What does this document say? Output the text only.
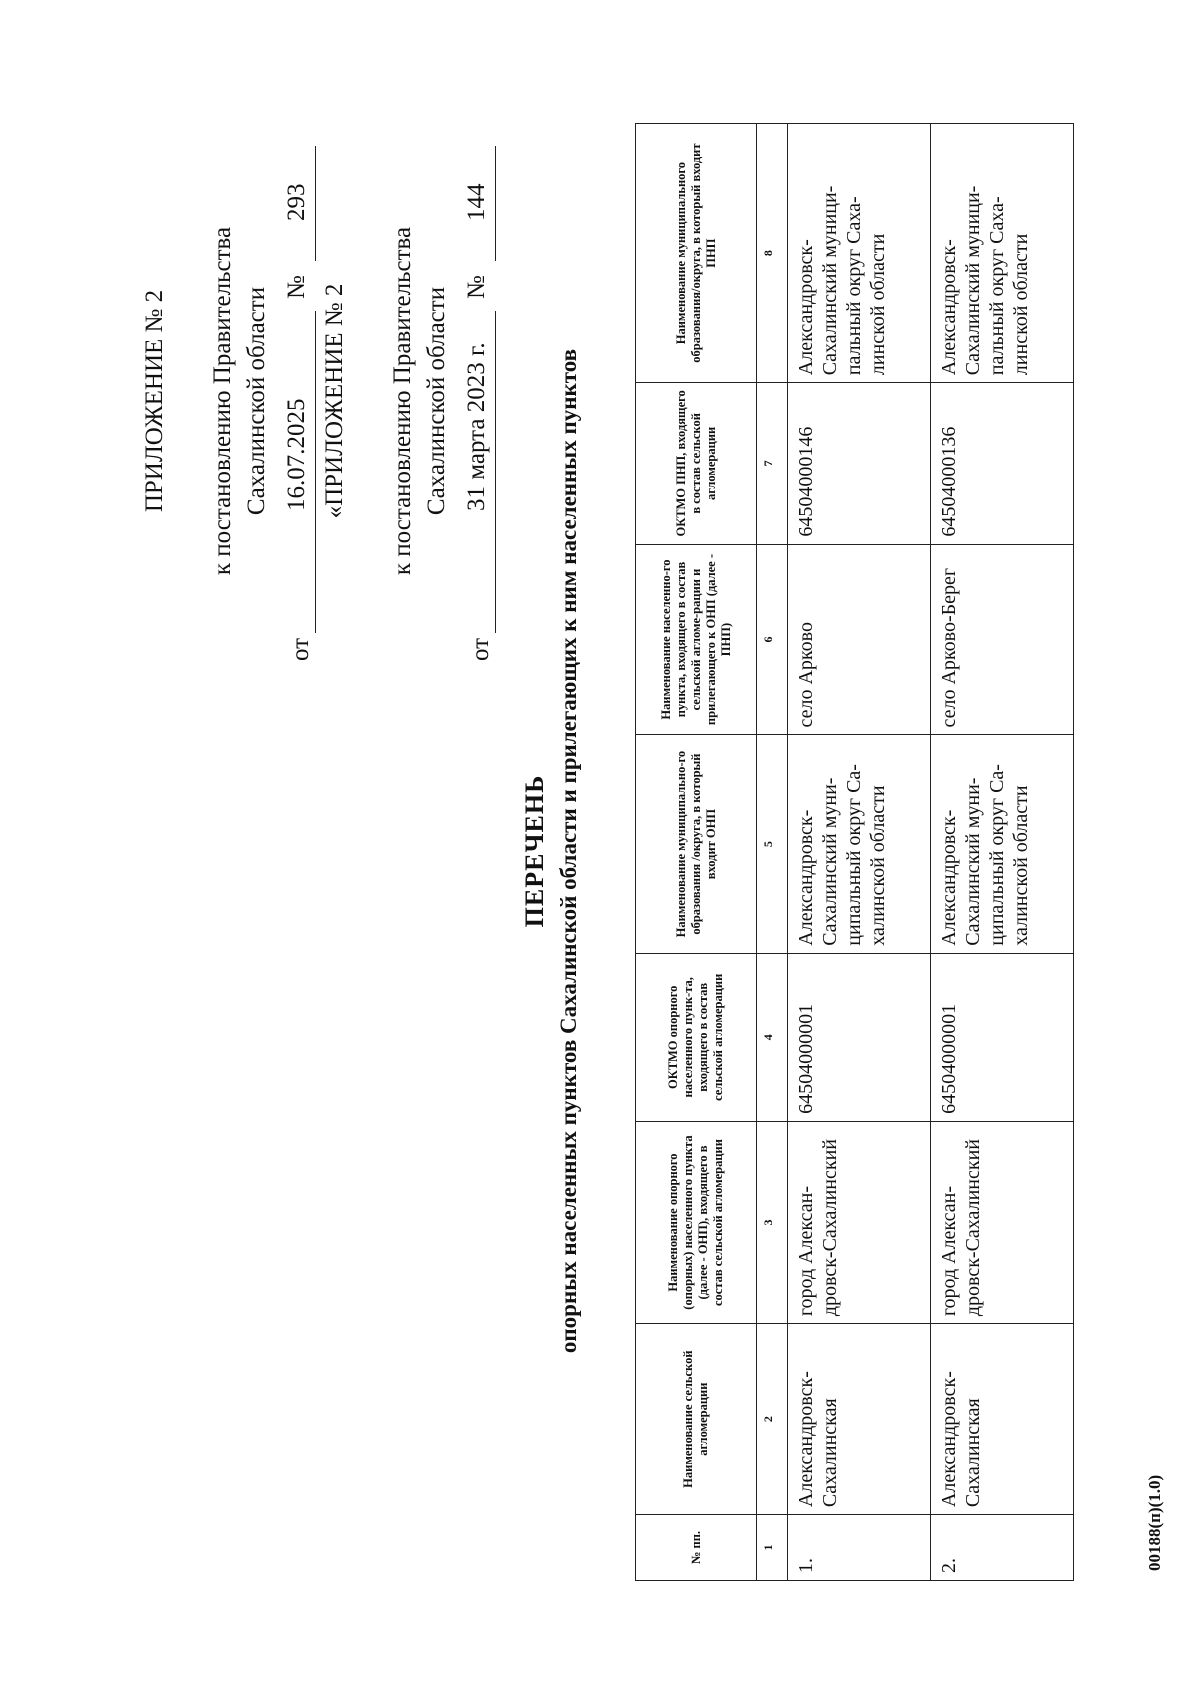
ПРИЛОЖЕНИЕ № 2 к постановлению Правительства Сахалинской области
от
16.07.2025
№
293
«ПРИЛОЖЕНИЕ № 2 к постановлению Правительства Сахалинской области
от
31 марта 2023 г.
№
144
ПЕРЕЧЕНЬ опорных населенных пунктов Сахалинской области и прилегающих к ним населенных пунктов
№ пп.	Наименование сельской агломерации	Наименование опорного (опорных) населенного пункта (далее - ОНП), входящего в состав сельской агломерации	ОКТМО опорного населенного пунк-та, входящего в состав сельской агломерации	Наименование муниципально-го образования /округа, в который входит ОНП	Наименование населенно-го пункта, входящего в состав сельской агломе-рации и прилегающего к ОНП (далее - ПНП)	ОКТМО ПНП, входящего в состав сельской агломерации	Наименование муниципального образования/округа, в который входит ПНП
1	2	3	4	5	6	7	8
1.	Александровск-Сахалинская	город Алексан-дровск-Сахалинский	64504000001	Александровск-Сахалинский муни-ципальный округ Са-халинской области	село Арково	64504000146	Александровск-Сахалинский муници-пальный округ Саха-линской области
2.	Александровск-Сахалинская	город Алексан-дровск-Сахалинский	64504000001	Александровск-Сахалинский муни-ципальный округ Са-халинской области	село Арково-Берег	64504000136	Александровск-Сахалинский муници-пальный округ Саха-линской области
00188(п)(1.0)
